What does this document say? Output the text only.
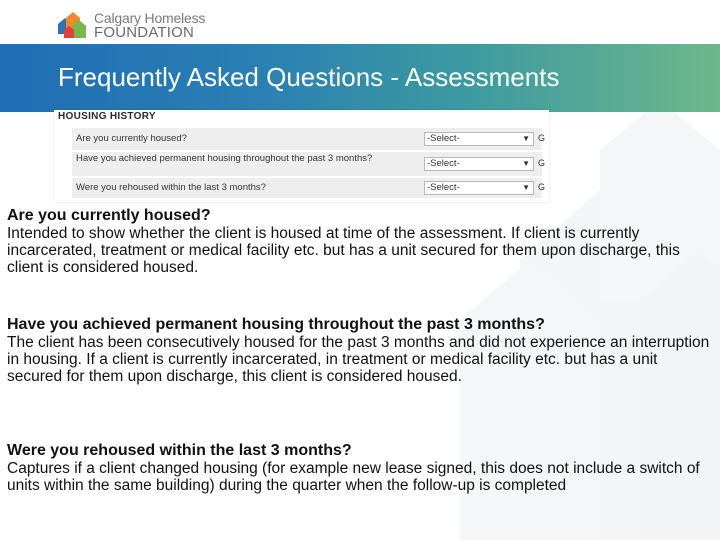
Calgary Homeless
FOUNDATION
Frequently Asked Questions - Assessments
HOUSING HISTORY
Are you currently housed?	-Select-	▼ G
Have you achieved permanent housing throughout the past 3 months?	-Select-	▼ G
Were you rehoused within the last 3 months?	-Select-	▼ G
Are you currently housed?
Intended to show whether the client is housed at time of the assessment. If client is currently incarcerated, treatment or medical facility etc. but has a unit secured for them upon discharge, this client is considered housed.
Have you achieved permanent housing throughout the past 3 months?
The client has been consecutively housed for the past 3 months and did not experience an interruption in housing. If a client is currently incarcerated, in treatment or medical facility etc. but has a unit secured for them upon discharge, this client is considered housed.
Were you rehoused within the last 3 months?
Captures if a client changed housing (for example new lease signed, this does not include a switch of units within the same building) during the quarter when the follow-up is completed
